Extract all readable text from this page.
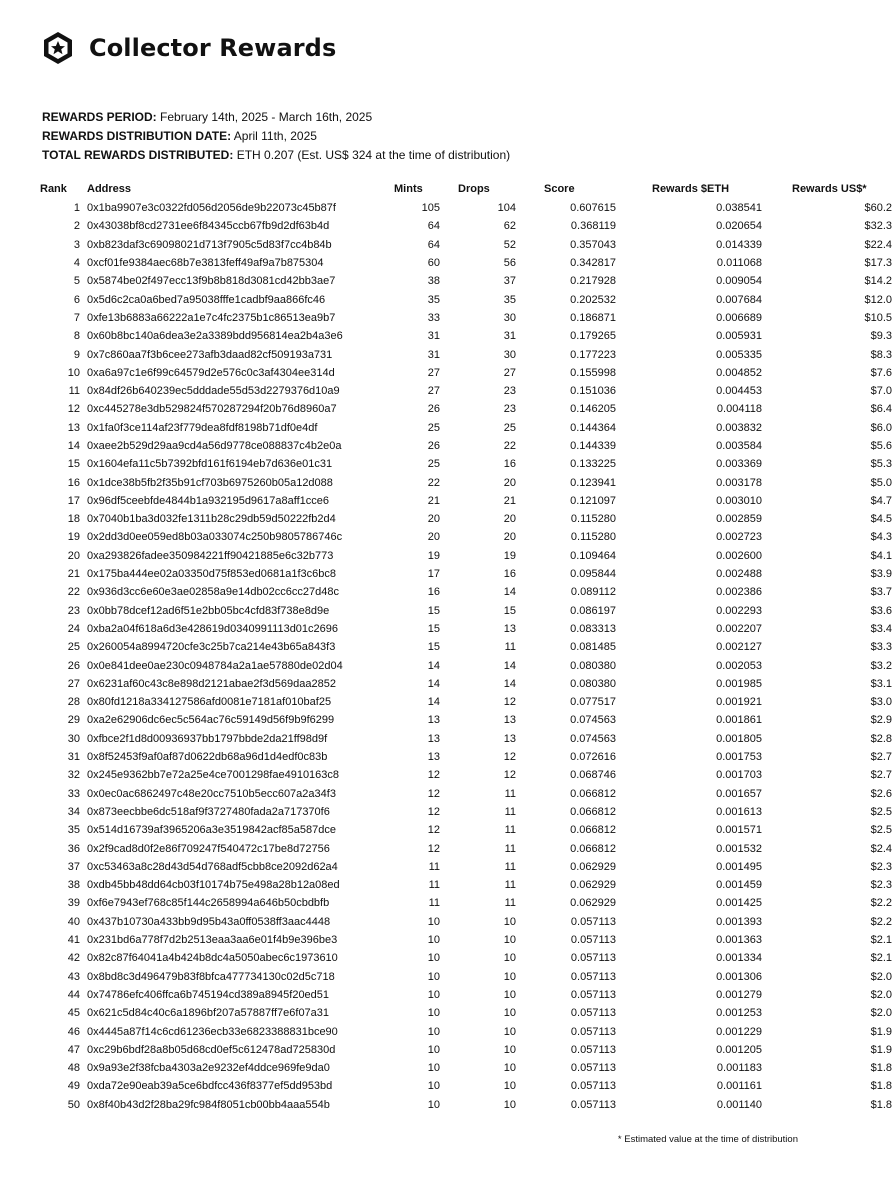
Collector Rewards
REWARDS PERIOD: February 14th, 2025 - March 16th, 2025
REWARDS DISTRIBUTION DATE: April 11th, 2025
TOTAL REWARDS DISTRIBUTED: ETH 0.207 (Est. US$ 324 at the time of distribution)
Rank	Address	Mints	Drops	Score	Rewards $ETH	Rewards US$*
1	0x1ba9907e3c0322fd056d2056de9b22073c45b87f	105	104	0.607615	0.038541	$60.2
2	0x43038bf8cd2731ee6f84345ccb67fb9d2df63b4d	64	62	0.368119	0.020654	$32.3
3	0xb823daf3c69098021d713f7905c5d83f7cc4b84b	64	52	0.357043	0.014339	$22.4
4	0xcf01fe9384aec68b7e3813feff49af9a7b875304	60	56	0.342817	0.011068	$17.3
5	0x5874be02f497ecc13f9b8b818d3081cd42bb3ae7	38	37	0.217928	0.009054	$14.2
6	0x5d6c2ca0a6bed7a95038fffe1cadbf9aa866fc46	35	35	0.202532	0.007684	$12.0
7	0xfe13b6883a66222a1e7c4fc2375b1c86513ea9b7	33	30	0.186871	0.006689	$10.5
8	0x60b8bc140a6dea3e2a3389bdd956814ea2b4a3e6	31	31	0.179265	0.005931	$9.3
9	0x7c860aa7f3b6cee273afb3daad82cf509193a731	31	30	0.177223	0.005335	$8.3
10	0xa6a97c1e6f99c64579d2e576c0c3af4304ee314d	27	27	0.155998	0.004852	$7.6
11	0x84df26b640239ec5dddade55d53d2279376d10a9	27	23	0.151036	0.004453	$7.0
12	0xc445278e3db529824f570287294f20b76d8960a7	26	23	0.146205	0.004118	$6.4
13	0x1fa0f3ce114af23f779dea8fdf8198b71df0e4df	25	25	0.144364	0.003832	$6.0
14	0xaee2b529d29aa9cd4a56d9778ce088837c4b2e0a	26	22	0.144339	0.003584	$5.6
15	0x1604efa11c5b7392bfd161f6194eb7d636e01c31	25	16	0.133225	0.003369	$5.3
16	0x1dce38b5fb2f35b91cf703b6975260b05a12d088	22	20	0.123941	0.003178	$5.0
17	0x96df5ceebfde4844b1a932195d9617a8aff1cce6	21	21	0.121097	0.003010	$4.7
18	0x7040b1ba3d032fe1311b28c29db59d50222fb2d4	20	20	0.115280	0.002859	$4.5
19	0x2dd3d0ee059ed8b03a033074c250b9805786746c	20	20	0.115280	0.002723	$4.3
20	0xa293826fadee350984221ff90421885e6c32b773	19	19	0.109464	0.002600	$4.1
21	0x175ba444ee02a03350d75f853ed0681a1f3c6bc8	17	16	0.095844	0.002488	$3.9
22	0x936d3cc6e60e3ae02858a9e14db02cc6cc27d48c	16	14	0.089112	0.002386	$3.7
23	0x0bb78dcef12ad6f51e2bb05bc4cfd83f738e8d9e	15	15	0.086197	0.002293	$3.6
24	0xba2a04f618a6d3e428619d0340991113d01c2696	15	13	0.083313	0.002207	$3.4
25	0x260054a8994720cfe3c25b7ca214e43b65a843f3	15	11	0.081485	0.002127	$3.3
26	0x0e841dee0ae230c0948784a2a1ae57880de02d04	14	14	0.080380	0.002053	$3.2
27	0x6231af60c43c8e898d2121abae2f3d569daa2852	14	14	0.080380	0.001985	$3.1
28	0x80fd1218a334127586afd0081e7181af010baf25	14	12	0.077517	0.001921	$3.0
29	0xa2e62906dc6ec5c564ac76c59149d56f9b9f6299	13	13	0.074563	0.001861	$2.9
30	0xfbce2f1d8d00936937bb1797bbde2da21ff98d9f	13	13	0.074563	0.001805	$2.8
31	0x8f52453f9af0af87d0622db68a96d1d4edf0c83b	13	12	0.072616	0.001753	$2.7
32	0x245e9362bb7e72a25e4ce7001298fae4910163c8	12	12	0.068746	0.001703	$2.7
33	0x0ec0ac6862497c48e20cc7510b5ecc607a2a34f3	12	11	0.066812	0.001657	$2.6
34	0x873eecbbe6dc518af9f3727480fada2a717370f6	12	11	0.066812	0.001613	$2.5
35	0x514d16739af3965206a3e3519842acf85a587dce	12	11	0.066812	0.001571	$2.5
36	0x2f9cad8d0f2e86f709247f540472c17be8d72756	12	11	0.066812	0.001532	$2.4
37	0xc53463a8c28d43d54d768adf5cbb8ce2092d62a4	11	11	0.062929	0.001495	$2.3
38	0xdb45bb48dd64cb03f10174b75e498a28b12a08ed	11	11	0.062929	0.001459	$2.3
39	0xf6e7943ef768c85f144c2658994a646b50cbdbfb	11	11	0.062929	0.001425	$2.2
40	0x437b10730a433bb9d95b43a0ff0538ff3aac4448	10	10	0.057113	0.001393	$2.2
41	0x231bd6a778f7d2b2513eaa3aa6e01f4b9e396be3	10	10	0.057113	0.001363	$2.1
42	0x82c87f64041a4b424b8dc4a5050abec6c1973610	10	10	0.057113	0.001334	$2.1
43	0x8bd8c3d496479b83f8bfca477734130c02d5c718	10	10	0.057113	0.001306	$2.0
44	0x74786efc406ffca6b745194cd389a8945f20ed51	10	10	0.057113	0.001279	$2.0
45	0x621c5d84c40c6a1896bf207a57887ff7e6f07a31	10	10	0.057113	0.001253	$2.0
46	0x4445a87f14c6cd61236ecb33e6823388831bce90	10	10	0.057113	0.001229	$1.9
47	0xc29b6bdf28a8b05d68cd0ef5c612478ad725830d	10	10	0.057113	0.001205	$1.9
48	0x9a93e2f38fcba4303a2e9232ef4ddce969fe9da0	10	10	0.057113	0.001183	$1.8
49	0xda72e90eab39a5ce6bdfcc436f8377ef5dd953bd	10	10	0.057113	0.001161	$1.8
50	0x8f40b43d2f28ba29fc984f8051cb00bb4aaa554b	10	10	0.057113	0.001140	$1.8
* Estimated value at the time of distribution
